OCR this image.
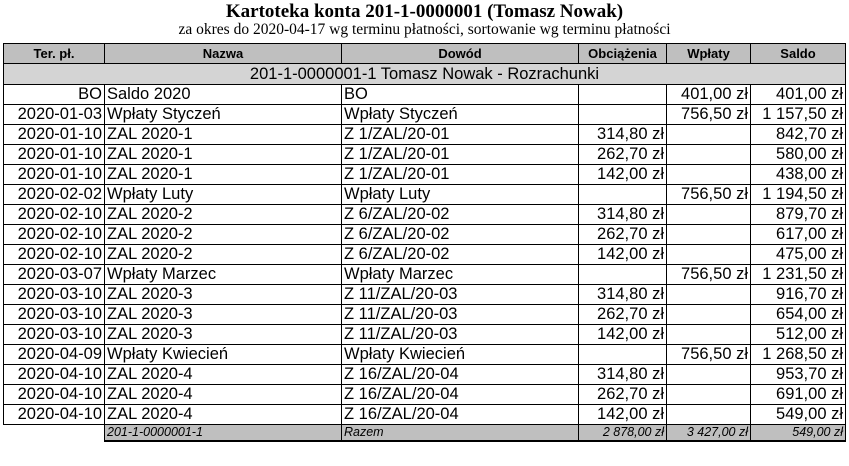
Kartoteka konta 201-1-0000001 (Tomasz Nowak)
za okres do 2020-04-17 wg terminu płatności, sortowanie wg terminu płatności
Ter. pł.	Nazwa	Dowód	Obciążenia	Wpłaty	Saldo
201-1-0000001-1 Tomasz Nowak - Rozrachunki					
BO	Saldo 2020	BO		401,00 zł	401,00 zł
2020-01-03	Wpłaty Styczeń	Wpłaty Styczeń		756,50 zł	1 157,50 zł
2020-01-10	ZAL 2020-1	Z 1/ZAL/20-01	314,80 zł		842,70 zł
2020-01-10	ZAL 2020-1	Z 1/ZAL/20-01	262,70 zł		580,00 zł
2020-01-10	ZAL 2020-1	Z 1/ZAL/20-01	142,00 zł		438,00 zł
2020-02-02	Wpłaty Luty	Wpłaty Luty		756,50 zł	1 194,50 zł
2020-02-10	ZAL 2020-2	Z 6/ZAL/20-02	314,80 zł		879,70 zł
2020-02-10	ZAL 2020-2	Z 6/ZAL/20-02	262,70 zł		617,00 zł
2020-02-10	ZAL 2020-2	Z 6/ZAL/20-02	142,00 zł		475,00 zł
2020-03-07	Wpłaty Marzec	Wpłaty Marzec		756,50 zł	1 231,50 zł
2020-03-10	ZAL 2020-3	Z 11/ZAL/20-03	314,80 zł		916,70 zł
2020-03-10	ZAL 2020-3	Z 11/ZAL/20-03	262,70 zł		654,00 zł
2020-03-10	ZAL 2020-3	Z 11/ZAL/20-03	142,00 zł		512,00 zł
2020-04-09	Wpłaty Kwiecień	Wpłaty Kwiecień		756,50 zł	1 268,50 zł
2020-04-10	ZAL 2020-4	Z 16/ZAL/20-04	314,80 zł		953,70 zł
2020-04-10	ZAL 2020-4	Z 16/ZAL/20-04	262,70 zł		691,00 zł
2020-04-10	ZAL 2020-4	Z 16/ZAL/20-04	142,00 zł		549,00 zł
	201-1-0000001-1	Razem	2 878,00 zł	3 427,00 zł	549,00 zł
